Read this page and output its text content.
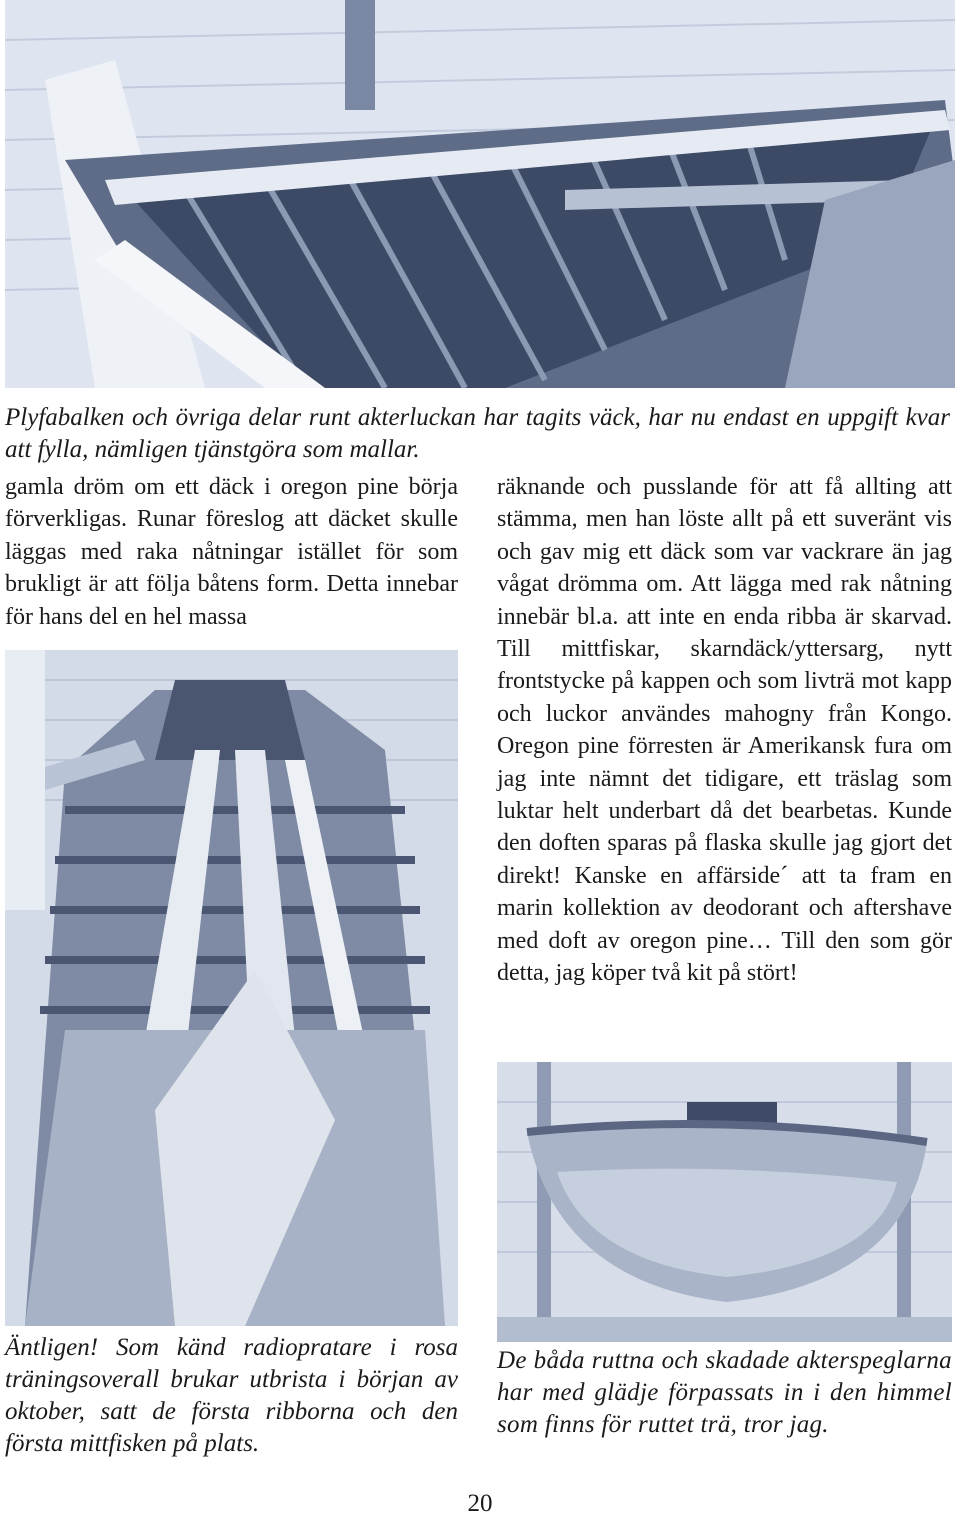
Plyfabalken och övriga delar runt akterluckan har tagits väck, har nu endast en uppgift kvar att fylla, nämligen tjänstgöra som mallar.

gamla dröm om ett däck i oregon pine börja förverkligas. Runar föreslog att däcket skulle läggas med raka nåtningar istället för som brukligt är att följa båtens form. Detta innebar för hans del en hel massa

räknande och pusslande för att få allting att stämma, men han löste allt på ett suveränt vis och gav mig ett däck som var vackrare än jag vågat drömma om. Att lägga med rak nåtning innebär bl.a. att inte en enda ribba är skarvad. Till mittfiskar, skarndäck/yttersarg, nytt frontstycke på kappen och som livträ mot kapp och luckor användes mahogny från Kongo. Oregon pine förresten är Amerikansk fura om jag inte nämnt det tidigare, ett träslag som luktar helt underbart då det bearbetas. Kunde den doften sparas på flaska skulle jag gjort det direkt! Kanske en affärside´ att ta fram en marin kollektion av deodorant och aftershave med doft av oregon pine… Till den som gör detta, jag köper två kit på stört!

Äntligen! Som känd radiopratare i rosa träningsoverall brukar utbrista i början av oktober, satt de första ribborna och den första mittfisken på plats.

De båda ruttna och skadade akterspeglarna har med glädje förpassats in i den himmel som finns för ruttet trä, tror jag.

20
